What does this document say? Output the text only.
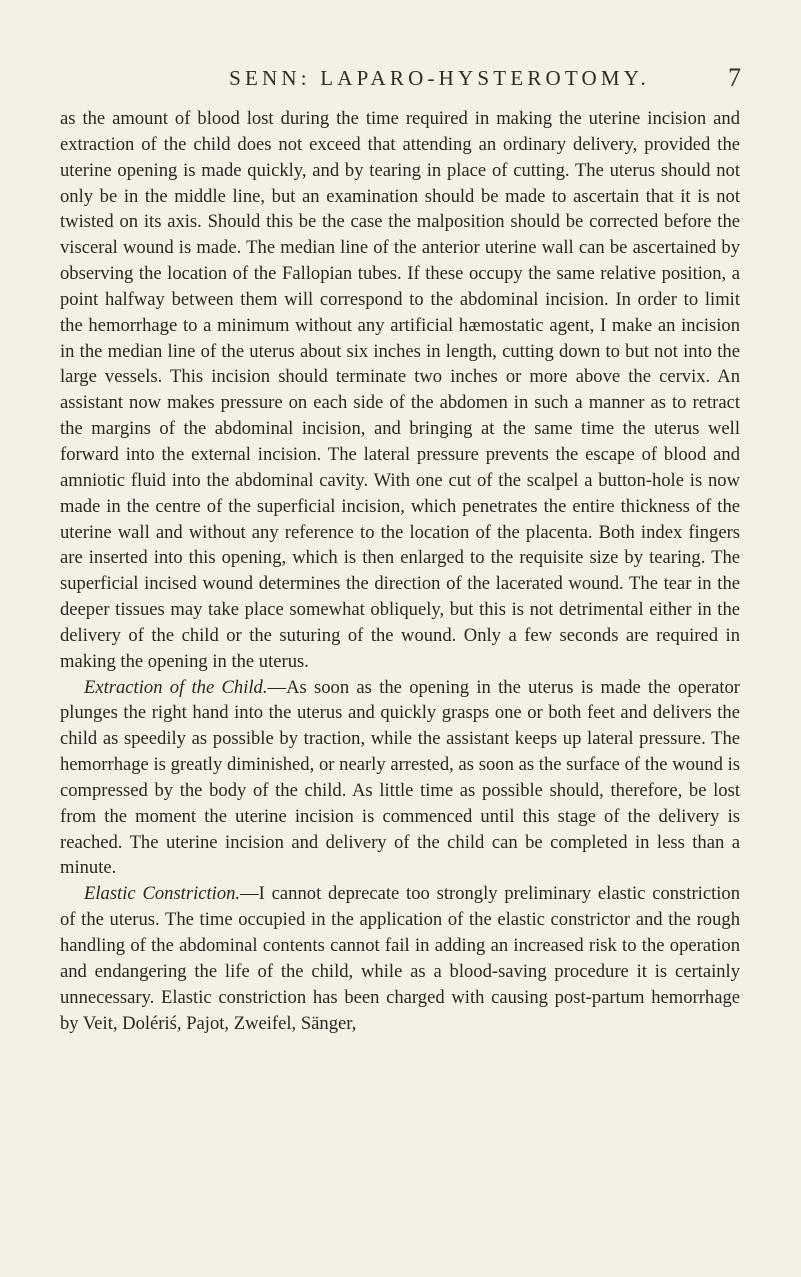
SENN: LAPARO-HYSTEROTOMY.	7

as the amount of blood lost during the time required in making the uterine incision and extraction of the child does not exceed that attending an ordinary delivery, provided the uterine opening is made quickly, and by tearing in place of cutting. The uterus should not only be in the middle line, but an examination should be made to ascertain that it is not twisted on its axis. Should this be the case the malposition should be corrected before the visceral wound is made. The median line of the anterior uterine wall can be ascertained by observing the location of the Fallopian tubes. If these occupy the same relative position, a point halfway between them will correspond to the abdominal incision. In order to limit the hemorrhage to a minimum without any artificial hæmostatic agent, I make an incision in the median line of the uterus about six inches in length, cutting down to but not into the large vessels. This incision should terminate two inches or more above the cervix. An assistant now makes pressure on each side of the abdomen in such a manner as to retract the margins of the abdominal incision, and bringing at the same time the uterus well forward into the external incision. The lateral pressure prevents the escape of blood and amniotic fluid into the abdominal cavity. With one cut of the scalpel a button-hole is now made in the centre of the superficial incision, which penetrates the entire thickness of the uterine wall and without any reference to the location of the placenta. Both index fingers are inserted into this opening, which is then enlarged to the requisite size by tearing. The superficial incised wound determines the direction of the lacerated wound. The tear in the deeper tissues may take place somewhat obliquely, but this is not detrimental either in the delivery of the child or the suturing of the wound. Only a few seconds are required in making the opening in the uterus.

Extraction of the Child.—As soon as the opening in the uterus is made the operator plunges the right hand into the uterus and quickly grasps one or both feet and delivers the child as speedily as possible by traction, while the assistant keeps up lateral pressure. The hemorrhage is greatly diminished, or nearly arrested, as soon as the surface of the wound is compressed by the body of the child. As little time as possible should, therefore, be lost from the moment the uterine incision is commenced until this stage of the delivery is reached. The uterine incision and delivery of the child can be completed in less than a minute.

Elastic Constriction.—I cannot deprecate too strongly preliminary elastic constriction of the uterus. The time occupied in the application of the elastic constrictor and the rough handling of the abdominal contents cannot fail in adding an increased risk to the operation and endangering the life of the child, while as a blood-saving procedure it is certainly unnecessary. Elastic constriction has been charged with causing post-partum hemorrhage by Veit, Dolériś, Pajot, Zweifel, Sänger,
